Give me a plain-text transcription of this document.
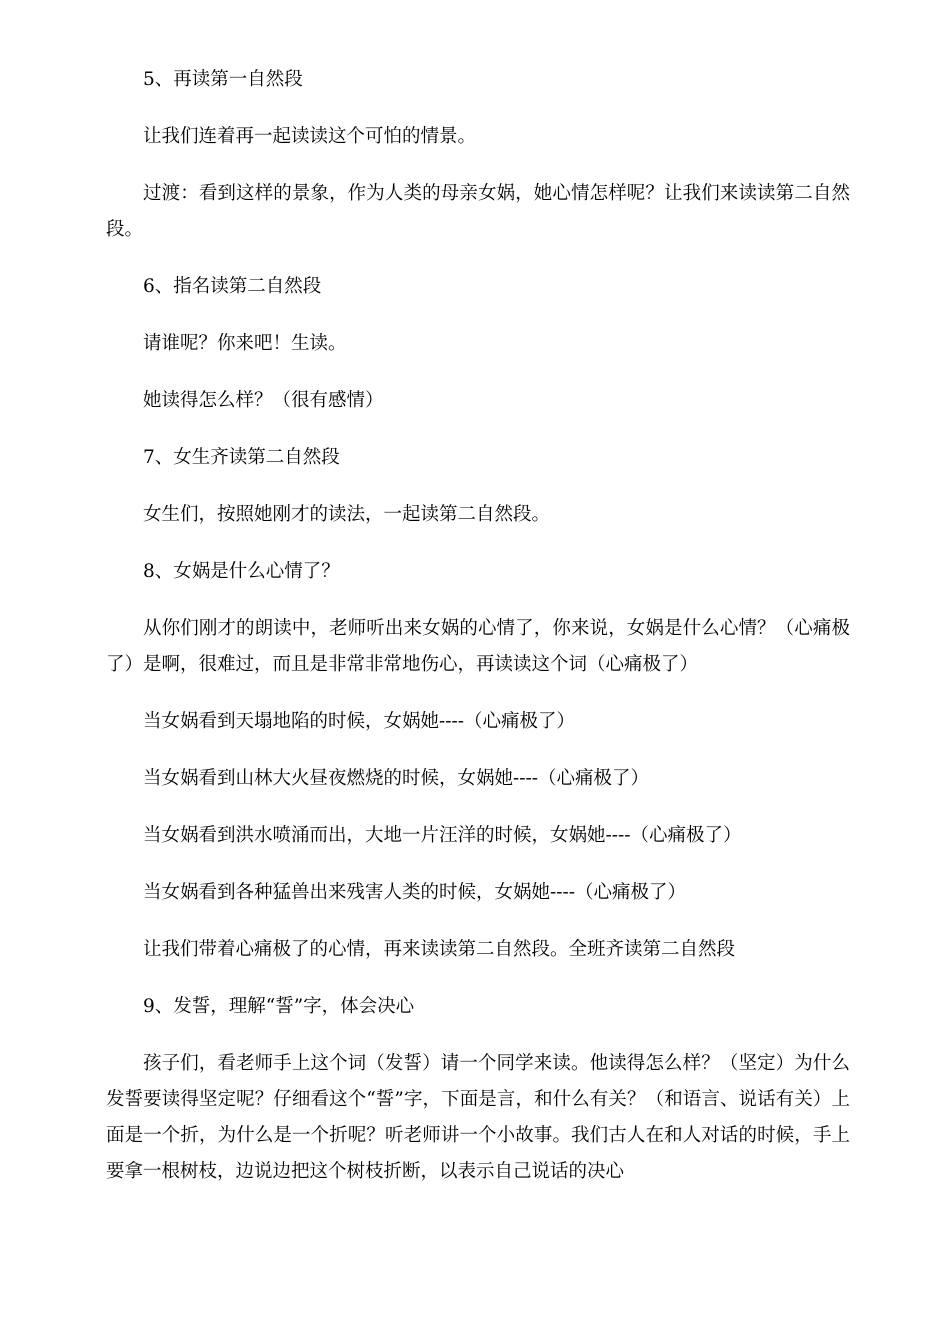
5、再读第一自然段

让我们连着再一起读读这个可怕的情景。

过渡：看到这样的景象，作为人类的母亲女娲，她心情怎样呢？让我们来读读第二自然段。

6、指名读第二自然段

请谁呢？你来吧！生读。

她读得怎么样？（很有感情）

7、女生齐读第二自然段

女生们，按照她刚才的读法，一起读第二自然段。

8、女娲是什么心情了？

从你们刚才的朗读中，老师听出来女娲的心情了，你来说，女娲是什么心情？（心痛极了）是啊，很难过，而且是非常非常地伤心，再读读这个词（心痛极了）

当女娲看到天塌地陷的时候，女娲她----（心痛极了）

当女娲看到山林大火昼夜燃烧的时候，女娲她----（心痛极了）

当女娲看到洪水喷涌而出，大地一片汪洋的时候，女娲她----（心痛极了）

当女娲看到各种猛兽出来残害人类的时候，女娲她----（心痛极了）

让我们带着心痛极了的心情，再来读读第二自然段。全班齐读第二自然段

9、发誓，理解“誓”字，体会决心

孩子们，看老师手上这个词（发誓）请一个同学来读。他读得怎么样？（坚定）为什么发誓要读得坚定呢？仔细看这个“誓”字，下面是言，和什么有关？（和语言、说话有关）上面是一个折，为什么是一个折呢？听老师讲一个小故事。我们古人在和人对话的时候，手上要拿一根树枝，边说边把这个树枝折断，以表示自己说话的决心
